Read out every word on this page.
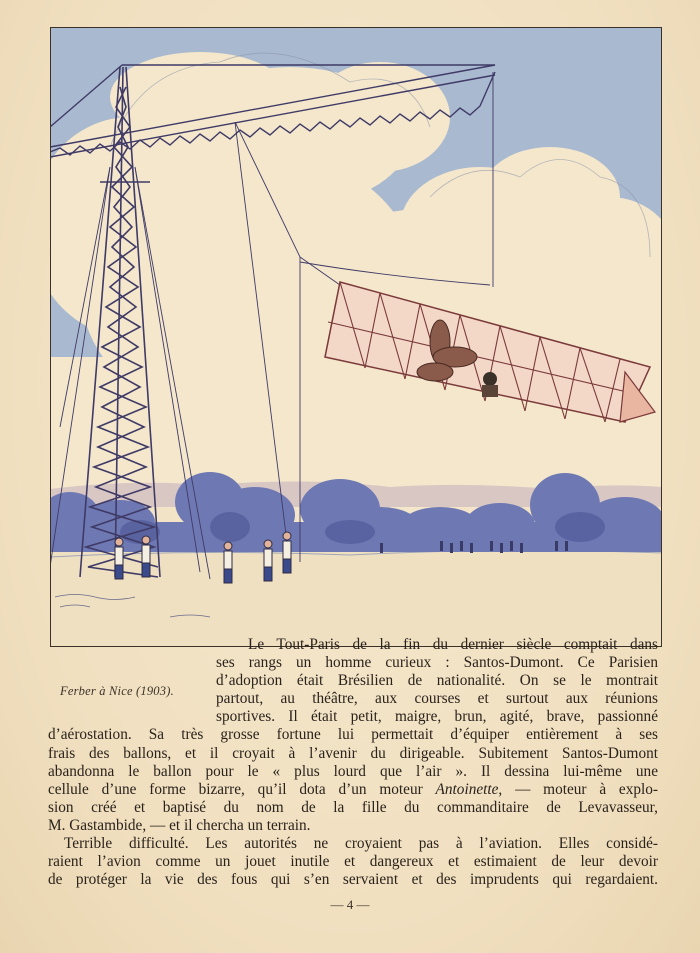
Ferber à Nice (1903).

Le Tout-Paris de la fin du dernier siècle comptait dans
ses rangs un homme curieux : Santos-Dumont. Ce Parisien
d’adoption était Brésilien de nationalité. On se le montrait
partout, au théâtre, aux courses et surtout aux réunions
sportives. Il était petit, maigre, brun, agité, brave, passionné
d’aérostation. Sa très grosse fortune lui permettait d’équiper entièrement à ses
frais des ballons, et il croyait à l’avenir du dirigeable. Subitement Santos-Dumont
abandonna le ballon pour le « plus lourd que l’air ». Il dessina lui-même une
cellule d’une forme bizarre, qu’il dota d’un moteur Antoinette, — moteur à explo-
sion créé et baptisé du nom de la fille du commanditaire de Levavasseur,
M. Gastambide, — et il chercha un terrain.

Terrible difficulté. Les autorités ne croyaient pas à l’aviation. Elles considé-
raient l’avion comme un jouet inutile et dangereux et estimaient de leur devoir
de protéger la vie des fous qui s’en servaient et des imprudents qui regardaient.

— 4 —
